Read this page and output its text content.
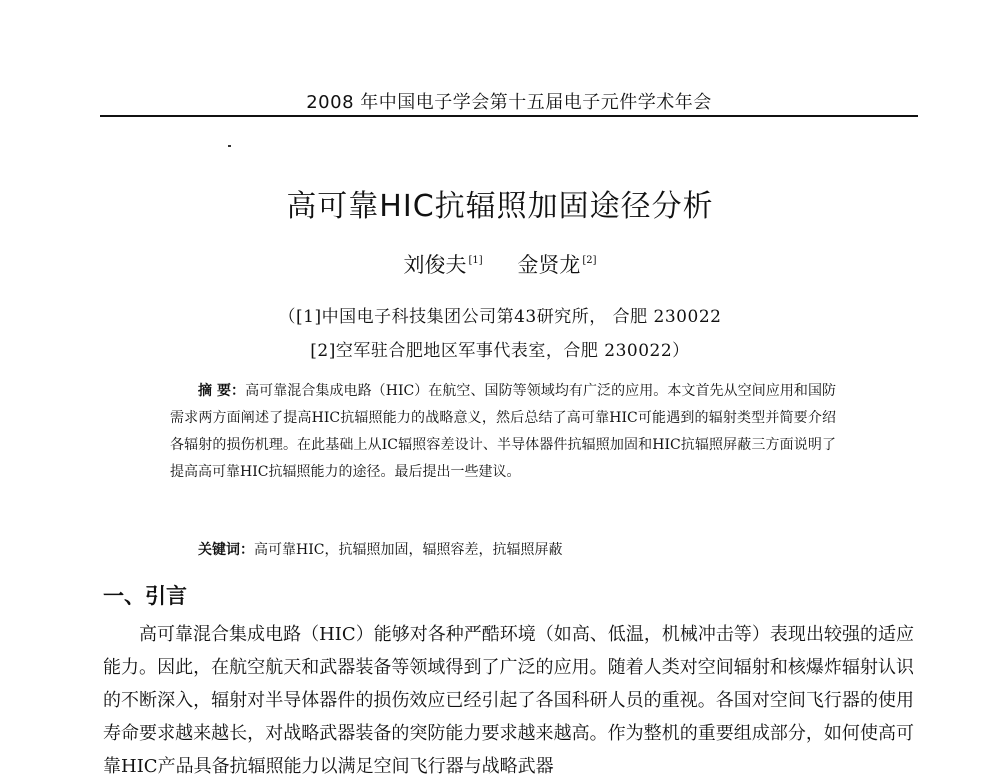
2008 年中国电子学会第十五届电子元件学术年会
高可靠HIC抗辐照加固途径分析
刘俊夫 [1] 金贤龙 [2]
（[1]中国电子科技集团公司第43研究所， 合肥 230022
[2]空军驻合肥地区军事代表室，合肥 230022）
摘 要：高可靠混合集成电路（HIC）在航空、国防等领域均有广泛的应用。本文首先从空间应用和国防需求两方面阐述了提高HIC抗辐照能力的战略意义，然后总结了高可靠HIC可能遇到的辐射类型并简要介绍各辐射的损伤机理。在此基础上从IC辐照容差设计、半导体器件抗辐照加固和HIC抗辐照屏蔽三方面说明了提高高可靠HIC抗辐照能力的途径。最后提出一些建议。
关键词：高可靠HIC，抗辐照加固，辐照容差，抗辐照屏蔽
一、引言
高可靠混合集成电路（HIC）能够对各种严酷环境（如高、低温，机械冲击等）表现出较强的适应能力。因此，在航空航天和武器装备等领域得到了广泛的应用。随着人类对空间辐射和核爆炸辐射认识的不断深入，辐射对半导体器件的损伤效应已经引起了各国科研人员的重视。各国对空间飞行器的使用寿命要求越来越长，对战略武器装备的突防能力要求越来越高。作为整机的重要组成部分，如何使高可靠HIC产品具备抗辐照能力以满足空间飞行器与战略武器
